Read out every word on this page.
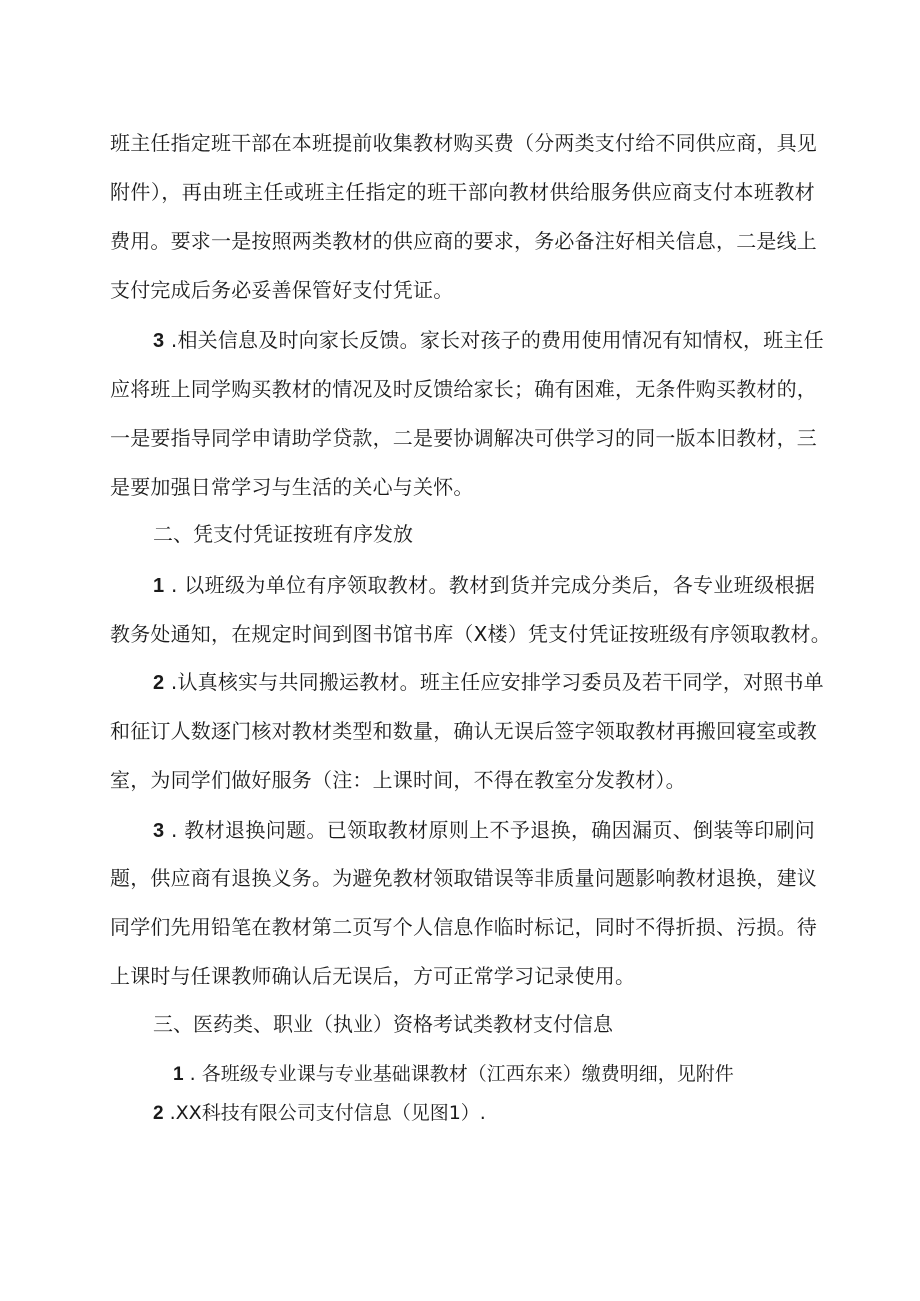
班主任指定班干部在本班提前收集教材购买费（分两类支付给不同供应商，具见
附件），再由班主任或班主任指定的班干部向教材供给服务供应商支付本班教材
费用。要求一是按照两类教材的供应商的要求，务必备注好相关信息，二是线上
支付完成后务必妥善保管好支付凭证。
3 .相关信息及时向家长反馈。家长对孩子的费用使用情况有知情权，班主任
应将班上同学购买教材的情况及时反馈给家长；确有困难，无条件购买教材的，
一是要指导同学申请助学贷款，二是要协调解决可供学习的同一版本旧教材，三
是要加强日常学习与生活的关心与关怀。
二、凭支付凭证按班有序发放
1 . 以班级为单位有序领取教材。教材到货并完成分类后，各专业班级根据
教务处通知，在规定时间到图书馆书库（X楼）凭支付凭证按班级有序领取教材。
2 .认真核实与共同搬运教材。班主任应安排学习委员及若干同学，对照书单
和征订人数逐门核对教材类型和数量，确认无误后签字领取教材再搬回寝室或教
室，为同学们做好服务（注：上课时间，不得在教室分发教材）。
3 . 教材退换问题。已领取教材原则上不予退换，确因漏页、倒装等印刷问
题，供应商有退换义务。为避免教材领取错误等非质量问题影响教材退换，建议
同学们先用铅笔在教材第二页写个人信息作临时标记，同时不得折损、污损。待
上课时与任课教师确认后无误后，方可正常学习记录使用。
三、医药类、职业（执业）资格考试类教材支付信息
1 . 各班级专业课与专业基础课教材（江西东来）缴费明细，见附件
2 .XX科技有限公司支付信息（见图1）.
